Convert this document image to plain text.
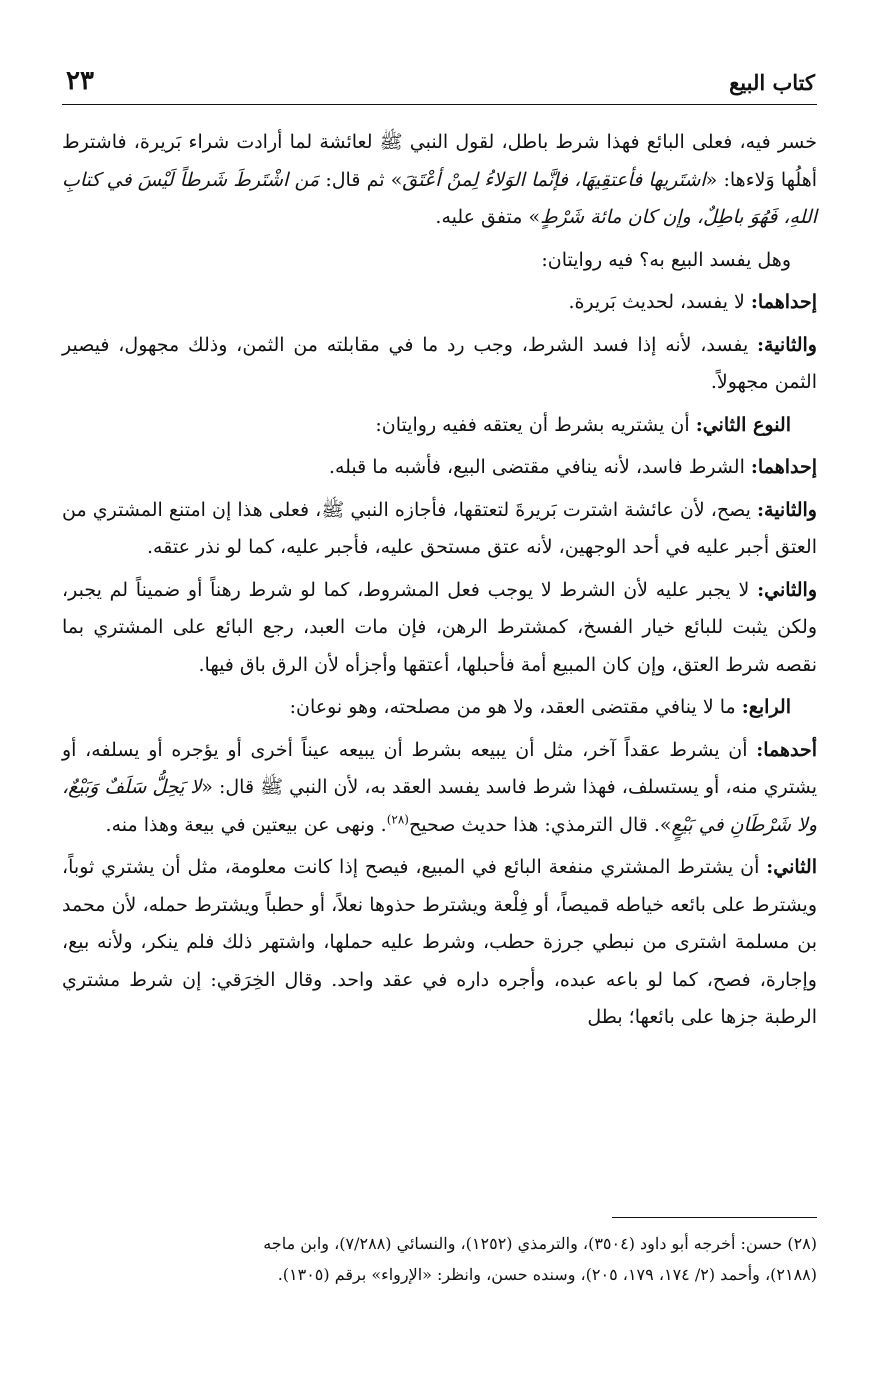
كتاب البيع
٢٣

خسر فيه، فعلى البائع فهذا شرط باطل، لقول النبي ﷺ لعائشة لما أرادت شراء بَريرة، فاشترط أهلُها وَلاءها: «اشتَريها فأعتقِيهَا، فإنَّما الوَلاءُ لِمنْ أعْتَقَ» ثم قال: مَن اشْتَرطَ شَرطاً لَيْسَ في كتابِ اللهِ، فَهُوَ باطِلٌ، وإن كان مائة شَرْطٍ» متفق عليه.

وهل يفسد البيع به؟ فيه روايتان:

إحداهما: لا يفسد، لحديث بَريرة.

والثانية: يفسد، لأنه إذا فسد الشرط، وجب رد ما في مقابلته من الثمن، وذلك مجهول، فيصير الثمن مجهولاً.

النوع الثاني: أن يشتريه بشرط أن يعتقه ففيه روايتان:

إحداهما: الشرط فاسد، لأنه ينافي مقتضى البيع، فأشبه ما قبله.

والثانية: يصح، لأن عائشة اشترت بَريرةَ لتعتقها، فأجازه النبي ﷺ، فعلى هذا إن امتنع المشتري من العتق أجبر عليه في أحد الوجهين، لأنه عتق مستحق عليه، فأجبر عليه، كما لو نذر عتقه.

والثاني: لا يجبر عليه لأن الشرط لا يوجب فعل المشروط، كما لو شرط رهناً أو ضميناً لم يجبر، ولكن يثبت للبائع خيار الفسخ، كمشترط الرهن، فإن مات العبد، رجع البائع على المشتري بما نقصه شرط العتق، وإن كان المبيع أمة فأحبلها، أعتقها وأجزأه لأن الرق باق فيها.

الرابع: ما لا ينافي مقتضى العقد، ولا هو من مصلحته، وهو نوعان:

أحدهما: أن يشرط عقداً آخر، مثل أن يبيعه بشرط أن يبيعه عيناً أخرى أو يؤجره أو يسلفه، أو يشتري منه، أو يستسلف، فهذا شرط فاسد يفسد العقد به، لأن النبي ﷺ قال: «لا يَحِلُّ سَلَفٌ وَبَيْعٌ، ولا شَرْطَانِ في بَيْعٍ». قال الترمذي: هذا حديث صحيح$^{(٢٨)}$. ونهى عن بيعتين في بيعة وهذا منه.

الثاني: أن يشترط المشتري منفعة البائع في المبيع، فيصح إذا كانت معلومة، مثل أن يشتري ثوباً، ويشترط على بائعه خياطه قميصاً، أو فِلْعة ويشترط حذوها نعلاً، أو حطباً ويشترط حمله، لأن محمد بن مسلمة اشترى من نبطي جرزة حطب، وشرط عليه حملها، واشتهر ذلك فلم ينكر، ولأنه بيع، وإجارة، فصح، كما لو باعه عبده، وأجره داره في عقد واحد. وقال الخِرَقي: إن شرط مشتري الرطبة جزها على بائعها؛ بطل

(٢٨) حسن: أخرجه أبو داود (٣٥٠٤)، والترمذي (١٢٥٢)، والنسائي (٧/٢٨٨)، وابن ماجه

(٢١٨٨)، وأحمد (٢/ ١٧٤، ١٧٩، ٢٠٥)، وسنده حسن، وانظر: «الإرواء» برقم (١٣٠٥).
